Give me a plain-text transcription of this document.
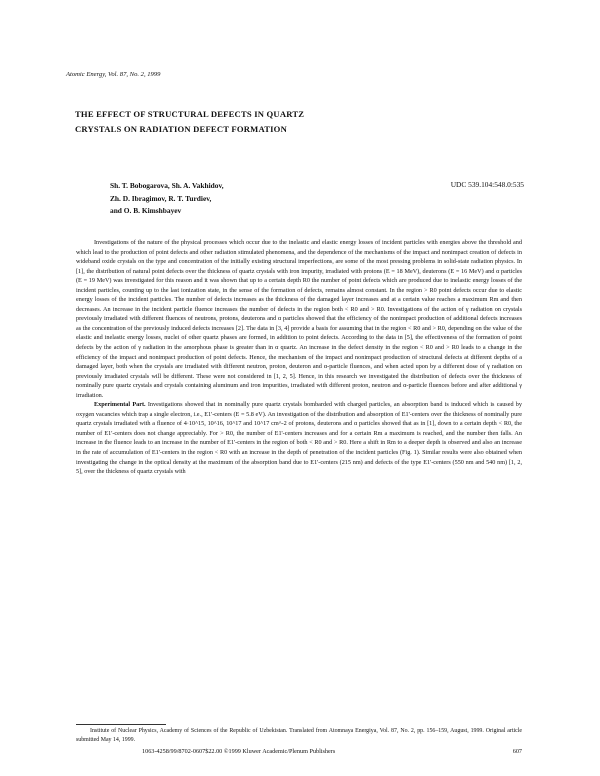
Atomic Energy, Vol. 87, No. 2, 1999
THE EFFECT OF STRUCTURAL DEFECTS IN QUARTZ CRYSTALS ON RADIATION DEFECT FORMATION
Sh. T. Bobogarova, Sh. A. Vakhidov,
Zh. D. Ibragimov, R. T. Turdiev,
and O. B. Kimshbayev
UDC 539.104:548.0:535

Investigations of the nature of the physical processes which occur due to the inelastic and elastic energy losses of incident particles with energies above the threshold and which lead to the production of point defects and other radiation stimulated phenomena, and the dependence of the mechanisms of the impact and nonimpact creation of defects in wideband oxide crystals on the type and concentration of the initially existing structural imperfections, are some of the most pressing problems in solid-state radiation physics. In [1], the distribution of natural point defects over the thickness of quartz crystals with iron impurity, irradiated with protons (E = 18 MeV), deuterons (E = 16 MeV) and α particles (E = 19 MeV) was investigated for this reason and it was shown that up to a certain depth R0 the number of point defects which are produced due to inelastic energy losses of the incident particles, counting up to the last ionization state, in the sense of the formation of defects, remains almost constant. In the region > R0 point defects occur due to elastic energy losses of the incident particles. The number of defects increases as the thickness of the damaged layer increases and at a certain value reaches a maximum Rm and then decreases. An increase in the incident particle fluence increases the number of defects in the region both < R0 and > R0. Investigations of the action of γ radiation on crystals previously irradiated with different fluences of neutrons, protons, deuterons and α particles showed that the efficiency of the nonimpact production of additional defects increases as the concentration of the previously induced defects increases [2]. The data in [3, 4] provide a basis for assuming that in the region < R0 and > R0, depending on the value of the elastic and inelastic energy losses, nuclei of other quartz phases are formed, in addition to point defects. According to the data in [5], the effectiveness of the formation of point defects by the action of γ radiation in the amorphous phase is greater than in α quartz. An increase in the defect density in the region < R0 and > R0 leads to a change in the efficiency of the impact and nonimpact production of point defects. Hence, the mechanism of the impact and nonimpact production of structural defects at different depths of a damaged layer, both when the crystals are irradiated with different neutron, proton, deuteron and α-particle fluences, and when acted upon by a different dose of γ radiation on previously irradiated crystals will be different. These were not considered in [1, 2, 5]. Hence, in this research we investigated the distribution of defects over the thickness of nominally pure quartz crystals and crystals containing aluminum and iron impurities, irradiated with different proton, neutron and α-particle fluences before and after additional γ irradiation.

Experimental Part. Investigations showed that in nominally pure quartz crystals bombarded with charged particles, an absorption band is induced which is caused by oxygen vacancies which trap a single electron, i.e., E1'-centers (E = 5.8 eV). An investigation of the distribution and absorption of E1'-centers over the thickness of nominally pure quartz crystals irradiated with a fluence of 4·10^15, 10^16, 10^17 and 10^17 cm^-2 of protons, deuterons and α particles showed that as in [1], down to a certain depth < R0, the number of E1'-centers does not change appreciably. For > R0, the number of E1'-centers increases and for a certain Rm a maximum is reached, and the number then falls. An increase in the fluence leads to an increase in the number of E1'-centers in the region of both < R0 and > R0. Here a shift in Rm to a deeper depth is observed and also an increase in the rate of accumulation of E1'-centers in the region < R0 with an increase in the depth of penetration of the incident particles (Fig. 1). Similar results were also obtained when investigating the change in the optical density at the maximum of the absorption band due to E1'-centers (215 nm) and defects of the type E1'-centers (550 nm and 540 nm) [1, 2, 5], over the thickness of quartz crystals with

Institute of Nuclear Physics, Academy of Sciences of the Republic of Uzbekistan. Translated from Atomnaya Energiya, Vol. 87, No. 2, pp. 156–159, August, 1999. Original article submitted May 14, 1999.
1063-4258/99/8702-0607$22.00 ©1999 Kluwer Academic/Plenum Publishers	607
